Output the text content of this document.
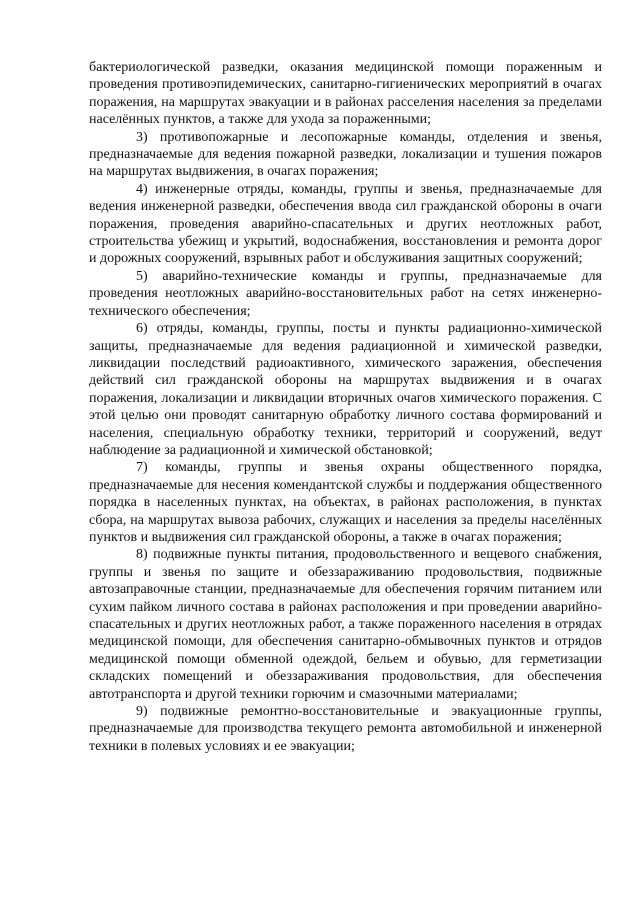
бактериологической разведки, оказания медицинской помощи пораженным и проведения противоэпидемических, санитарно-гигиенических мероприятий в очагах поражения, на маршрутах эвакуации и в районах расселения населения за пределами населённых пунктов, а также для ухода за пораженными;

3) противопожарные и лесопожарные команды, отделения и звенья, предназначаемые для ведения пожарной разведки, локализации и тушения пожаров на маршрутах выдвижения, в очагах поражения;

4) инженерные отряды, команды, группы и звенья, предназначаемые для ведения инженерной разведки, обеспечения ввода сил гражданской обороны в очаги поражения, проведения аварийно-спасательных и других неотложных работ, строительства убежищ и укрытий, водоснабжения, восстановления и ремонта дорог и дорожных сооружений, взрывных работ и обслуживания защитных сооружений;

5) аварийно-технические команды и группы, предназначаемые для проведения неотложных аварийно-восстановительных работ на сетях инженерно-технического обеспечения;

6) отряды, команды, группы, посты и пункты радиационно-химической защиты, предназначаемые для ведения радиационной и химической разведки, ликвидации последствий радиоактивного, химического заражения, обеспечения действий сил гражданской обороны на маршрутах выдвижения и в очагах поражения, локализации и ликвидации вторичных очагов химического поражения. С этой целью они проводят санитарную обработку личного состава формирований и населения, специальную обработку техники, территорий и сооружений, ведут наблюдение за радиационной и химической обстановкой;

7) команды, группы и звенья охраны общественного порядка, предназначаемые для несения комендантской службы и поддержания общественного порядка в населенных пунктах, на объектах, в районах расположения, в пунктах сбора, на маршрутах вывоза рабочих, служащих и населения за пределы населённых пунктов и выдвижения сил гражданской обороны, а также в очагах поражения;

8) подвижные пункты питания, продовольственного и вещевого снабжения, группы и звенья по защите и обеззараживанию продовольствия, подвижные автозаправочные станции, предназначаемые для обеспечения горячим питанием или сухим пайком личного состава в районах расположения и при проведении аварийно-спасательных и других неотложных работ, а также пораженного населения в отрядах медицинской помощи, для обеспечения санитарно-обмывочных пунктов и отрядов медицинской помощи обменной одеждой, бельем и обувью, для герметизации складских помещений и обеззараживания продовольствия, для обеспечения автотранспорта и другой техники горючим и смазочными материалами;

9) подвижные ремонтно-восстановительные и эвакуационные группы, предназначаемые для производства текущего ремонта автомобильной и инженерной техники в полевых условиях и ее эвакуации;
